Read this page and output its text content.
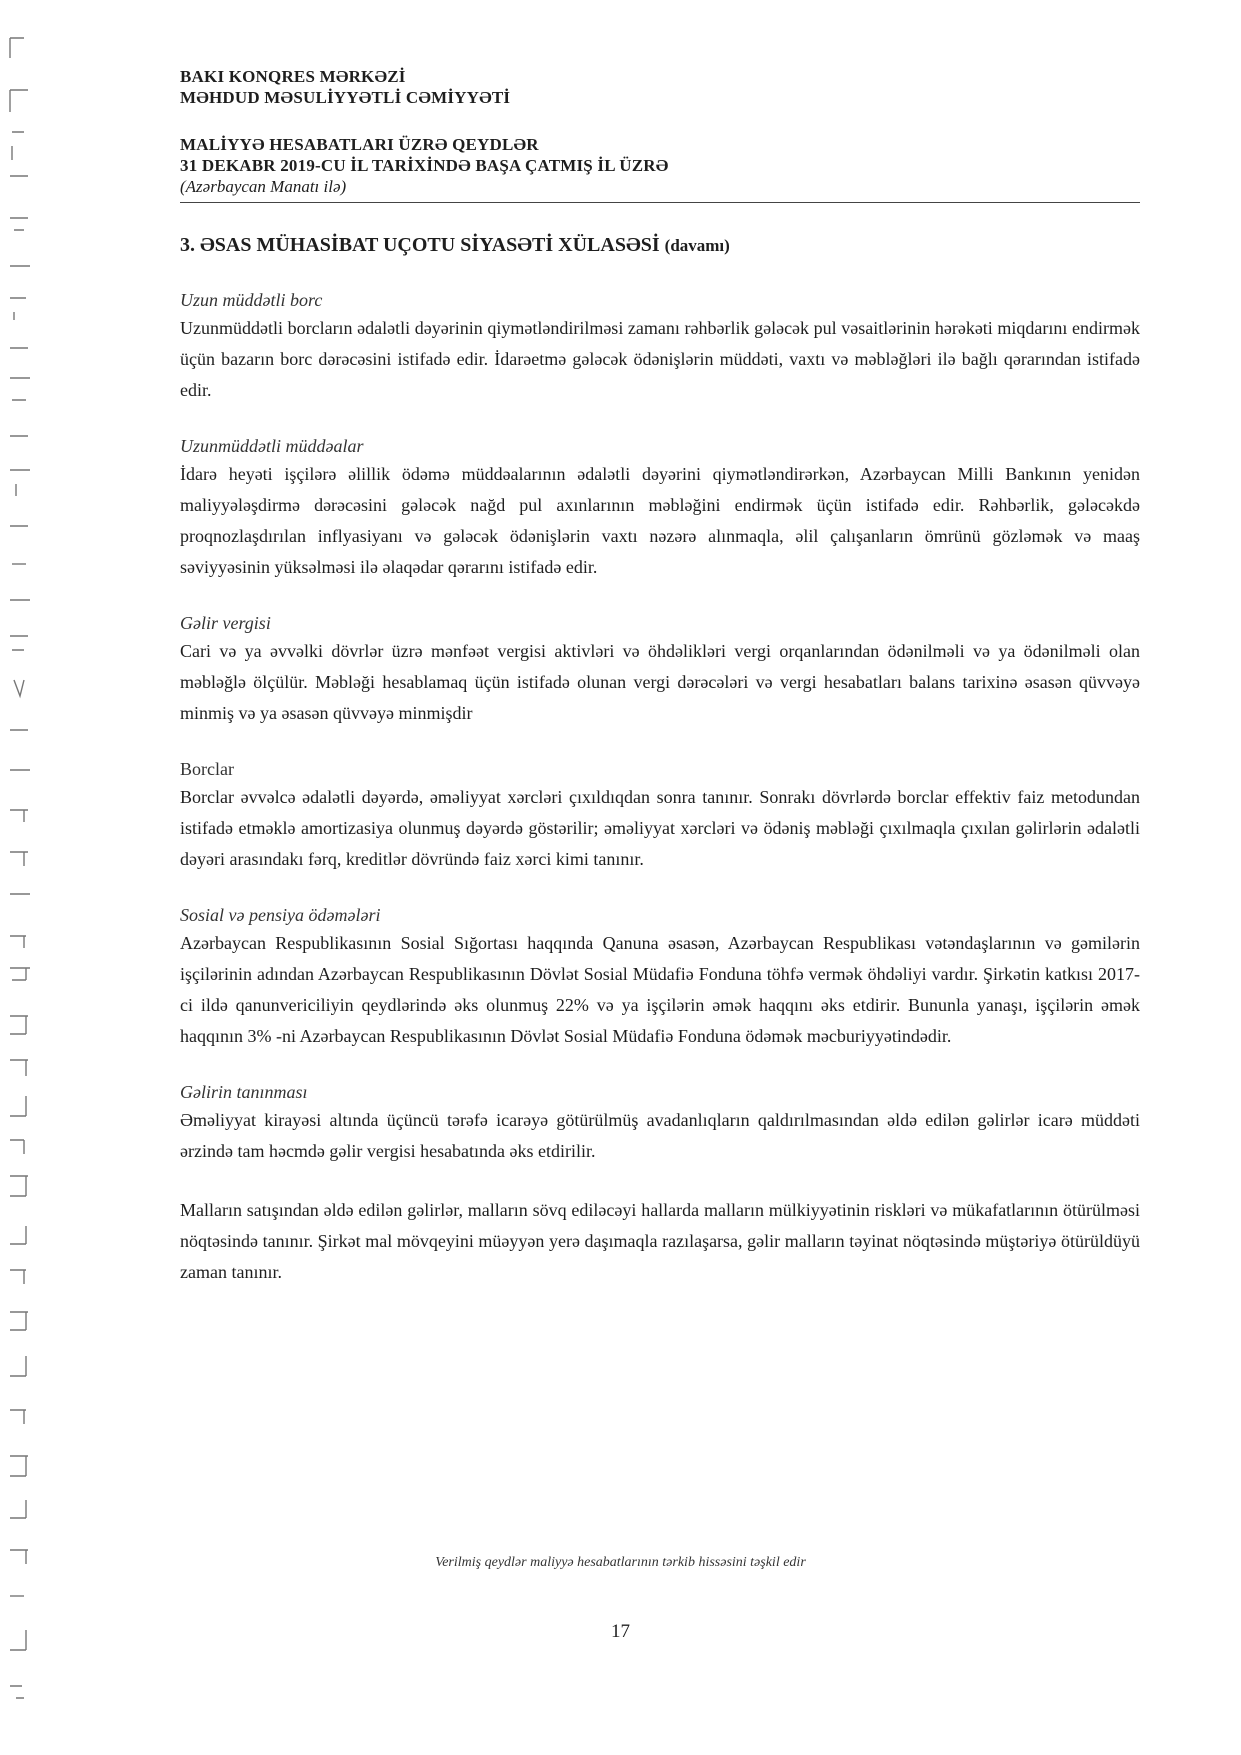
BAKI KONQRES MƏRKƏZİ

MƏHDUD MƏSULİYYƏTLİ CƏMİYYƏTİ

MALİYYƏ HESABATLARI ÜZRƏ QEYDLƏR

31 DEKABR 2019-CU İL TARİXİNDƏ BAŞA ÇATMIŞ İL ÜZRƏ

(Azərbaycan Manatı ilə)

3. ƏSAS MÜHASİBAT UÇOTU SİYASƏTİ XÜLASƏSİ (davamı)

Uzun müddətli borc

Uzunmüddətli borcların ədalətli dəyərinin qiymətləndirilməsi zamanı rəhbərlik gələcək pul vəsaitlərinin hərəkəti miqdarını endirmək üçün bazarın borc dərəcəsini istifadə edir. İdarəetmə gələcək ödənişlərin müddəti, vaxtı və məbləğləri ilə bağlı qərarından istifadə edir.

Uzunmüddətli müddəalar

İdarə heyəti işçilərə əlillik ödəmə müddəalarının ədalətli dəyərini qiymətləndirərkən, Azərbaycan Milli Bankının yenidən maliyyələşdirmə dərəcəsini gələcək nağd pul axınlarının məbləğini endirmək üçün istifadə edir. Rəhbərlik, gələcəkdə proqnozlaşdırılan inflyasiyanı və gələcək ödənişlərin vaxtı nəzərə alınmaqla, əlil çalışanların ömrünü gözləmək və maaş səviyyəsinin yüksəlməsi ilə əlaqədar qərarını istifadə edir.

Gəlir vergisi

Cari və ya əvvəlki dövrlər üzrə mənfəət vergisi aktivləri və öhdəlikləri vergi orqanlarından ödənilməli və ya ödənilməli olan məbləğlə ölçülür. Məbləği hesablamaq üçün istifadə olunan vergi dərəcələri və vergi hesabatları balans tarixinə əsasən qüvvəyə minmiş və ya əsasən qüvvəyə minmişdir

Borclar

Borclar əvvəlcə ədalətli dəyərdə, əməliyyat xərcləri çıxıldıqdan sonra tanınır. Sonrakı dövrlərdə borclar effektiv faiz metodundan istifadə etməklə amortizasiya olunmuş dəyərdə göstərilir; əməliyyat xərcləri və ödəniş məbləği çıxılmaqla çıxılan gəlirlərin ədalətli dəyəri arasındakı fərq, kreditlər dövründə faiz xərci kimi tanınır.

Sosial və pensiya ödəmələri

Azərbaycan Respublikasının Sosial Sığortası haqqında Qanuna əsasən, Azərbaycan Respublikası vətəndaşlarının və gəmilərin işçilərinin adından Azərbaycan Respublikasının Dövlət Sosial Müdafiə Fonduna töhfə vermək öhdəliyi vardır. Şirkətin katkısı 2017-ci ildə qanunvericiliyin qeydlərində əks olunmuş 22% və ya işçilərin əmək haqqını əks etdirir. Bununla yanaşı, işçilərin əmək haqqının 3% -ni Azərbaycan Respublikasının Dövlət Sosial Müdafiə Fonduna ödəmək məcburiyyətindədir.

Gəlirin tanınması

Əməliyyat kirayəsi altında üçüncü tərəfə icarəyə götürülmüş avadanlıqların qaldırılmasından əldə edilən gəlirlər icarə müddəti ərzində tam həcmdə gəlir vergisi hesabatında əks etdirilir.

Malların satışından əldə edilən gəlirlər, malların sövq ediləcəyi hallarda malların mülkiyyətinin riskləri və mükafatlarının ötürülməsi nöqtəsində tanınır. Şirkət mal mövqeyini müəyyən yerə daşımaqla razılaşarsa, gəlir malların təyinat nöqtəsində müştəriyə ötürüldüyü zaman tanınır.

Verilmiş qeydlər maliyyə hesabatlarının tərkib hissəsini təşkil edir
17
